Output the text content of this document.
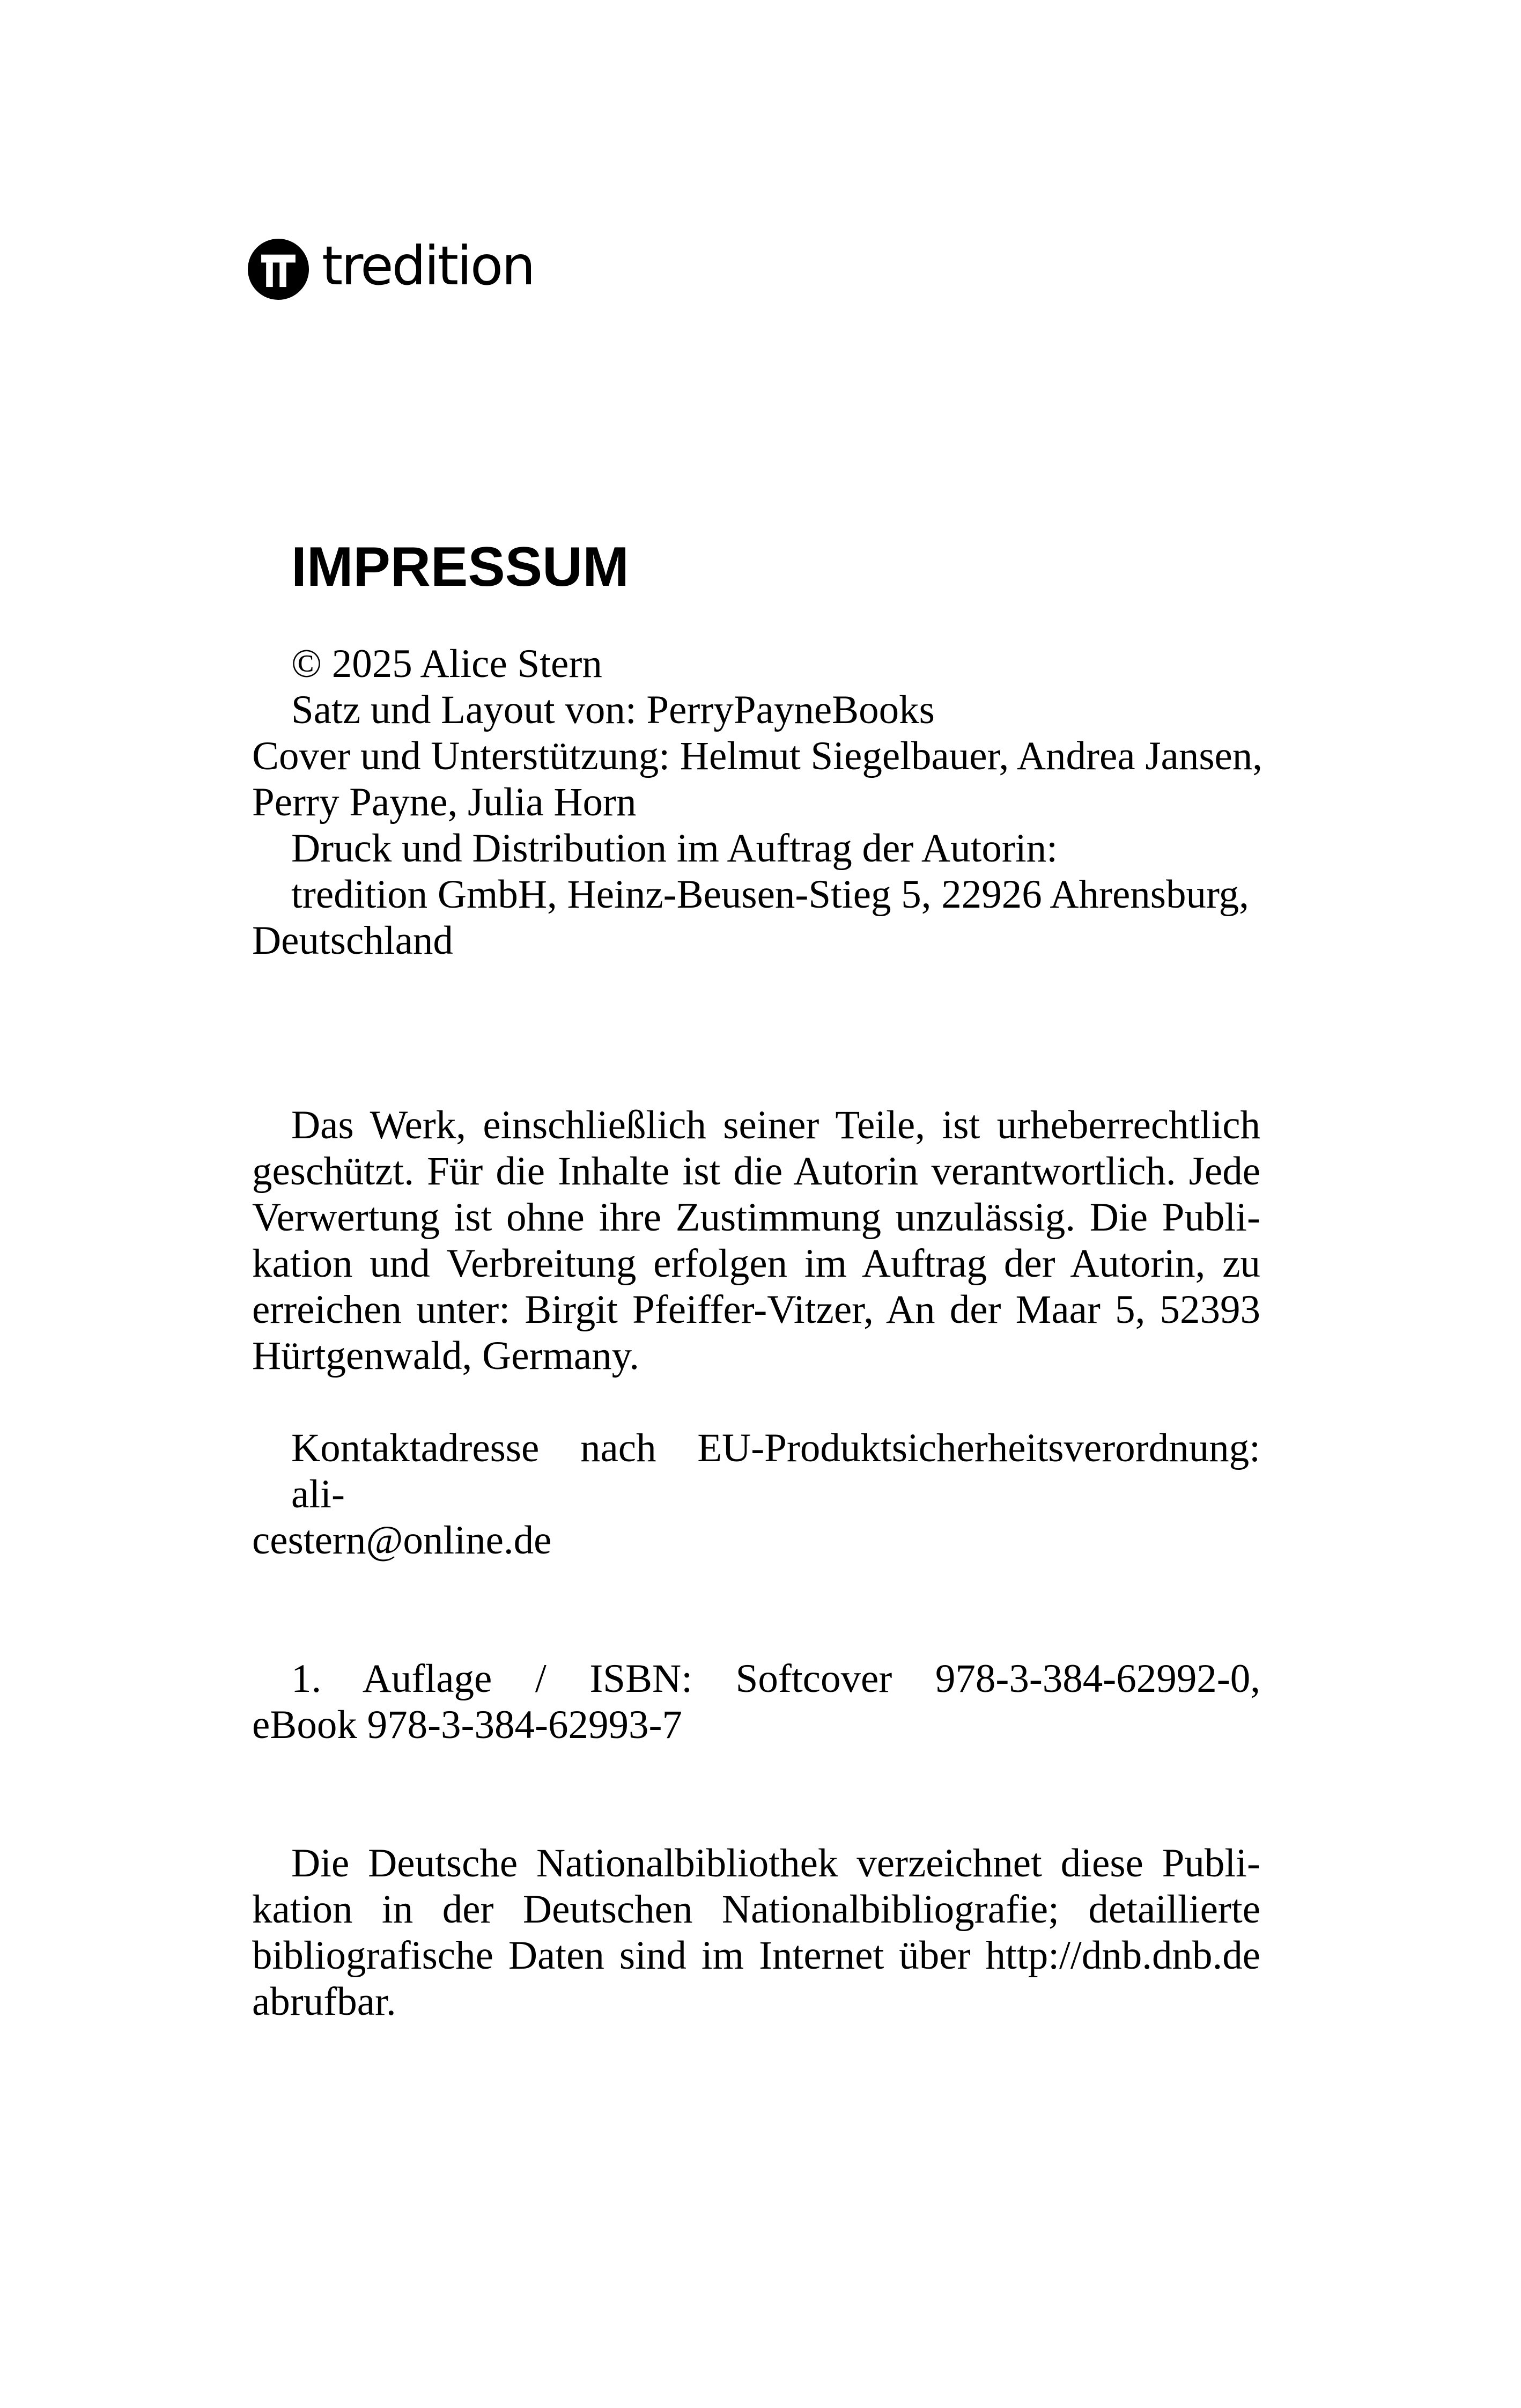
tredition
IMPRESSUM

© 2025 Alice Stern
Satz und Layout von: PerryPayneBooks
Cover und Unterstützung: Helmut Siegelbauer, Andrea Jansen,
Perry Payne, Julia Horn
Druck und Distribution im Auftrag der Autorin:
tredition GmbH, Heinz-Beusen-Stieg 5, 22926 Ahrensburg,
Deutschland

Das Werk, einschließlich seiner Teile, ist urheberrechtlich
geschützt. Für die Inhalte ist die Autorin verantwortlich. Jede
Verwertung ist ohne ihre Zustimmung unzulässig. Die Publi-
kation und Verbreitung erfolgen im Auftrag der Autorin, zu
erreichen unter: Birgit Pfeiffer-Vitzer, An der Maar 5, 52393
Hürtgenwald, Germany.

Kontaktadresse nach EU-Produktsicherheitsverordnung: ali-
cestern@online.de

1. Auflage / ISBN: Softcover 978-3-384-62992-0,
eBook 978-3-384-62993-7

Die Deutsche Nationalbibliothek verzeichnet diese Publi-
kation in der Deutschen Nationalbibliografie; detaillierte
bibliografische Daten sind im Internet über http://dnb.dnb.de
abrufbar.
